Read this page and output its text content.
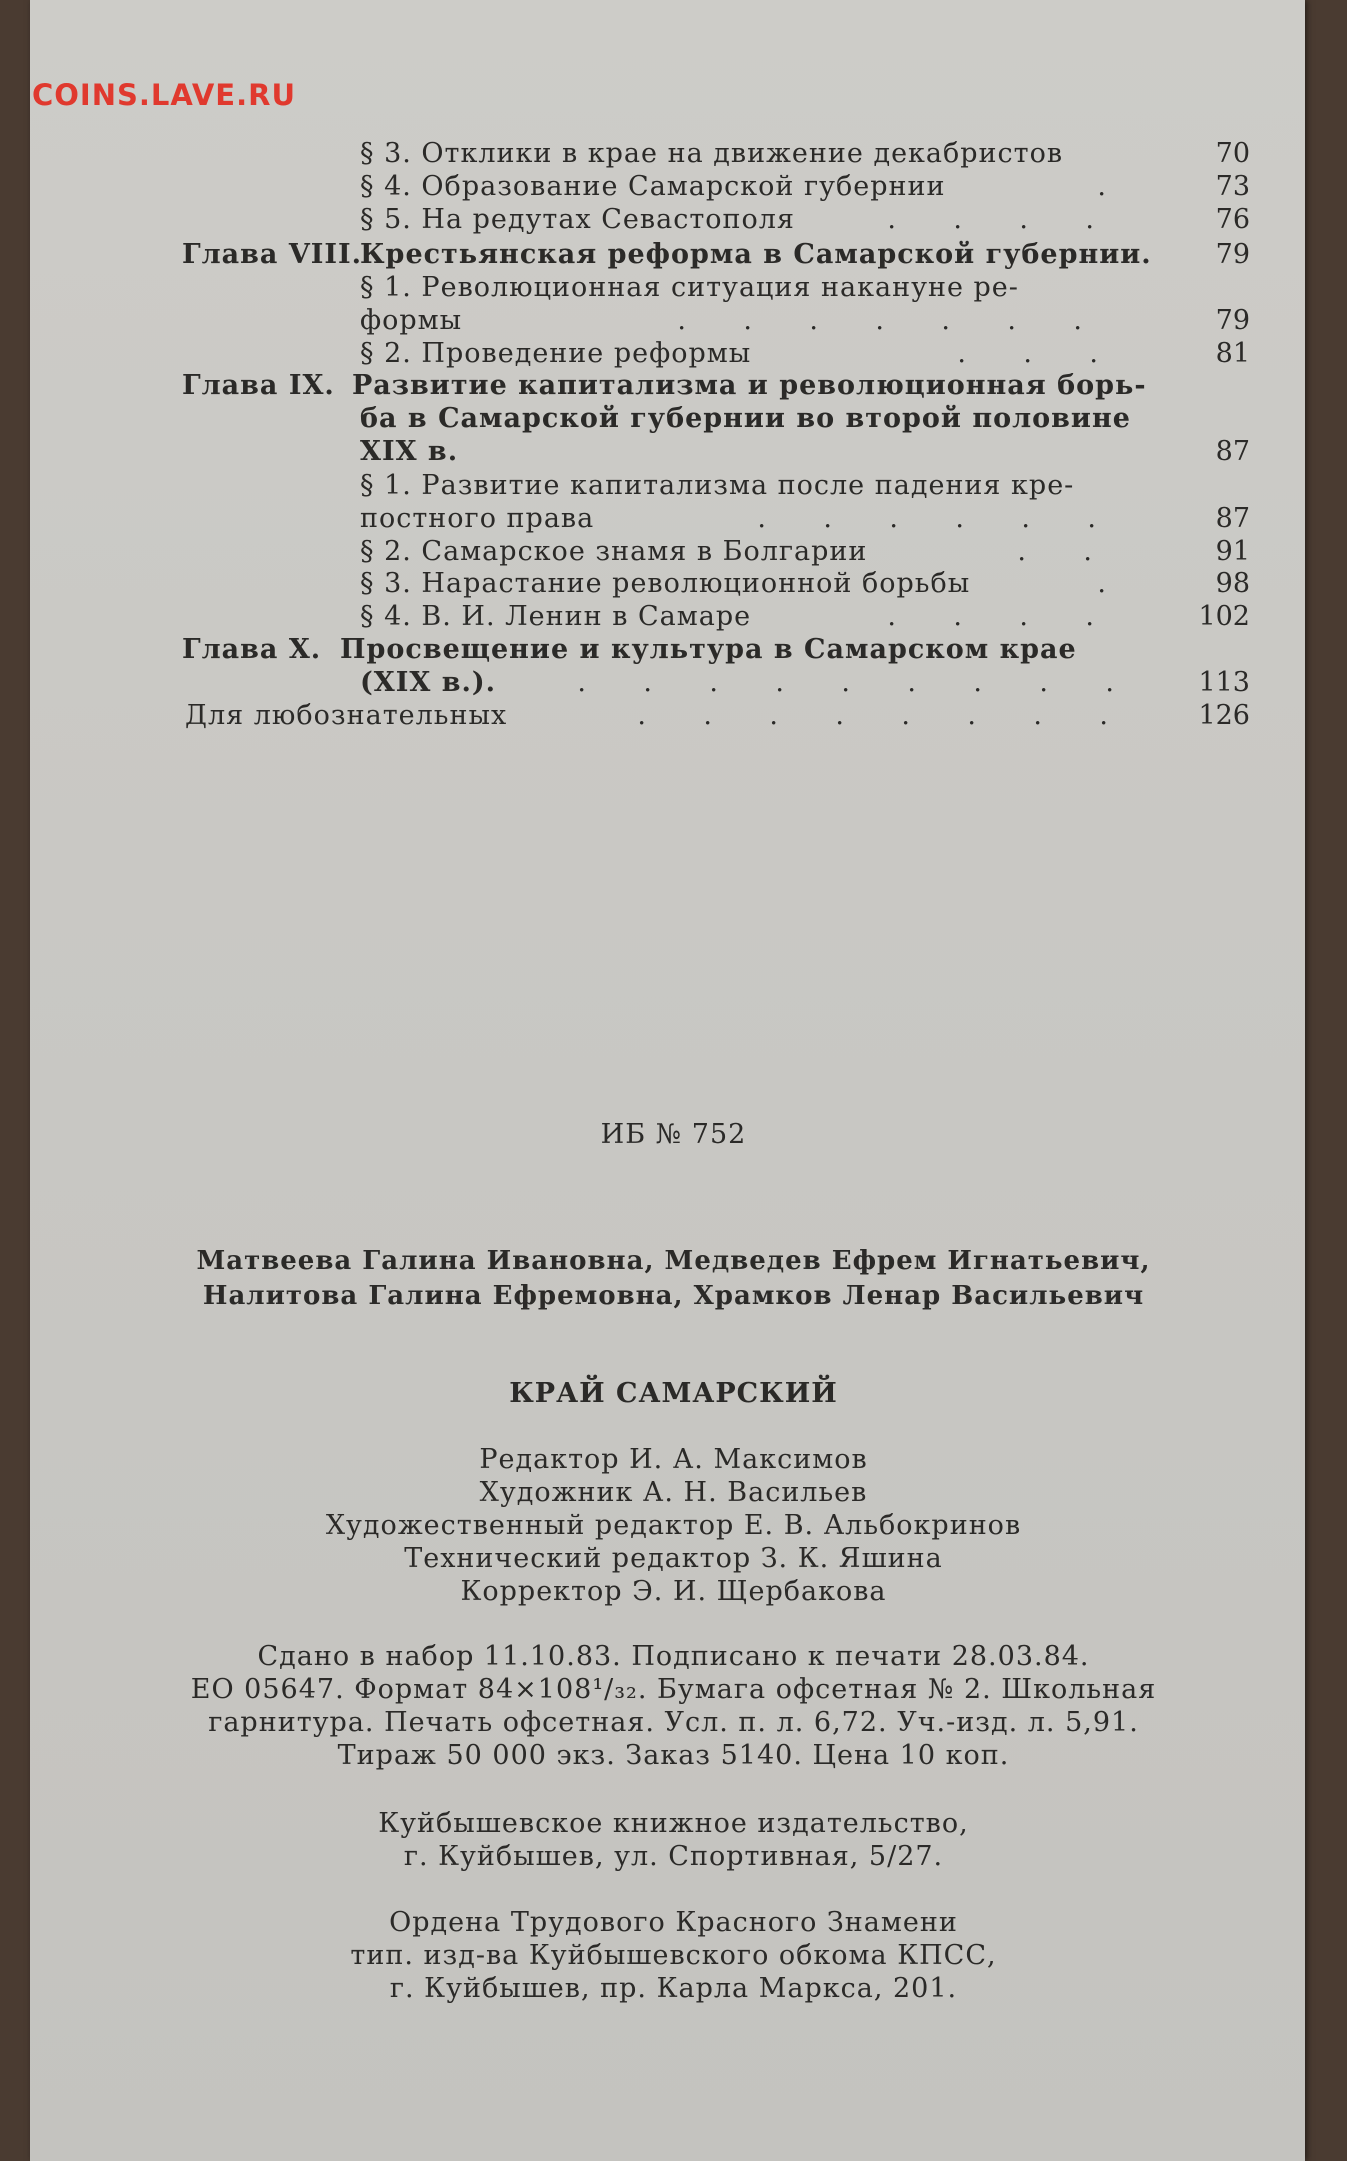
COINS.LAVE.RU
§ 3. Отклики в крае на движение декабристов	70
§ 4. Образование Самарской губернии	.	73
§ 5. На редутах Севастополя	. . . .	76
Глава VIII.
Крестьянская реформа в Самарской губернии.	79
§ 1. Революционная ситуация накануне ре-
формы	. . . . . . .	79
§ 2. Проведение реформы	. . .	81
Глава IX. Развитие капитализма и революционная борь-
ба в Самарской губернии во второй половине
XIX в.	87
§ 1. Развитие капитализма после падения кре-
постного права	. . . . . .	87
§ 2. Самарское знамя в Болгарии	. .	91
§ 3. Нарастание революционной борьбы	.	98
§ 4. В. И. Ленин в Самаре	. . . .	102
Глава X. Просвещение и культура в Самарском крае
(XIX в.).	. . . . . . . . .	113
Для любознательных	. . . . . . . .	126
ИБ № 752
Матвеева Галина Ивановна, Медведев Ефрем Игнатьевич,
Налитова Галина Ефремовна, Храмков Ленар Васильевич
КРАЙ САМАРСКИЙ
Редактор И. А. Максимов
Художник А. Н. Васильев
Художественный редактор Е. В. Альбокринов
Технический редактор З. К. Яшина
Корректор Э. И. Щербакова
Сдано в набор 11.10.83. Подписано к печати 28.03.84.
ЕО 05647. Формат 84×108¹/₃₂. Бумага офсетная № 2. Школьная
гарнитура. Печать офсетная. Усл. п. л. 6,72. Уч.-изд. л. 5,91.
Тираж 50 000 экз. Заказ 5140. Цена 10 коп.
Куйбышевское книжное издательство,
г. Куйбышев, ул. Спортивная, 5/27.
Ордена Трудового Красного Знамени
тип. изд-ва Куйбышевского обкома КПСС,
г. Куйбышев, пр. Карла Маркса, 201.
